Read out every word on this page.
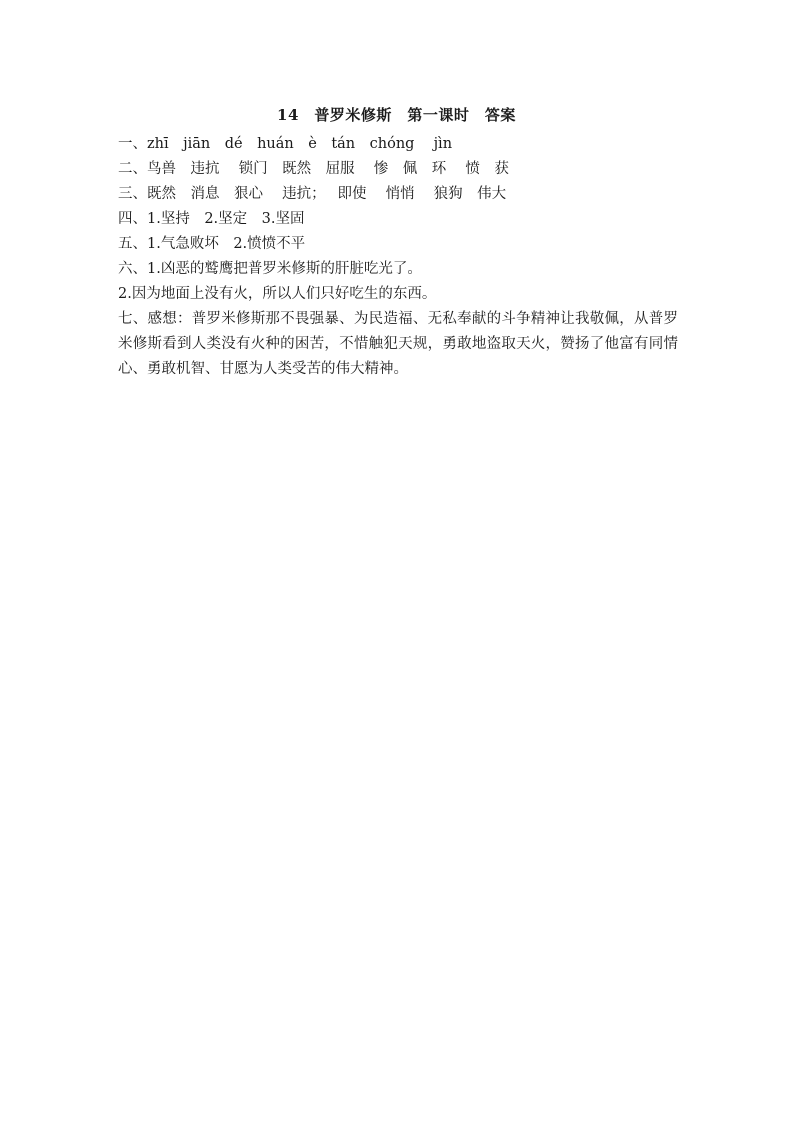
14　普罗米修斯　第一课时　答案
一、zhī　jiān　dé　huán　è　tán　chóng　 jìn
二、鸟兽　违抗　 锁门　既然　屈服　 惨　佩　环　 愤　获
三、既然　消息　狠心　 违抗；　 即使　 悄悄　 狼狗　伟大
四、1.坚持　2.坚定　3.坚固
五、1.气急败坏　2.愤愤不平
六、1.凶恶的鹫鹰把普罗米修斯的肝脏吃光了。
2.因为地面上没有火，所以人们只好吃生的东西。
七、感想：普罗米修斯那不畏强暴、为民造福、无私奉献的斗争精神让我敬佩，从普罗米修斯看到人类没有火种的困苦，不惜触犯天规，勇敢地盗取天火，赞扬了他富有同情心、勇敢机智、甘愿为人类受苦的伟大精神。
